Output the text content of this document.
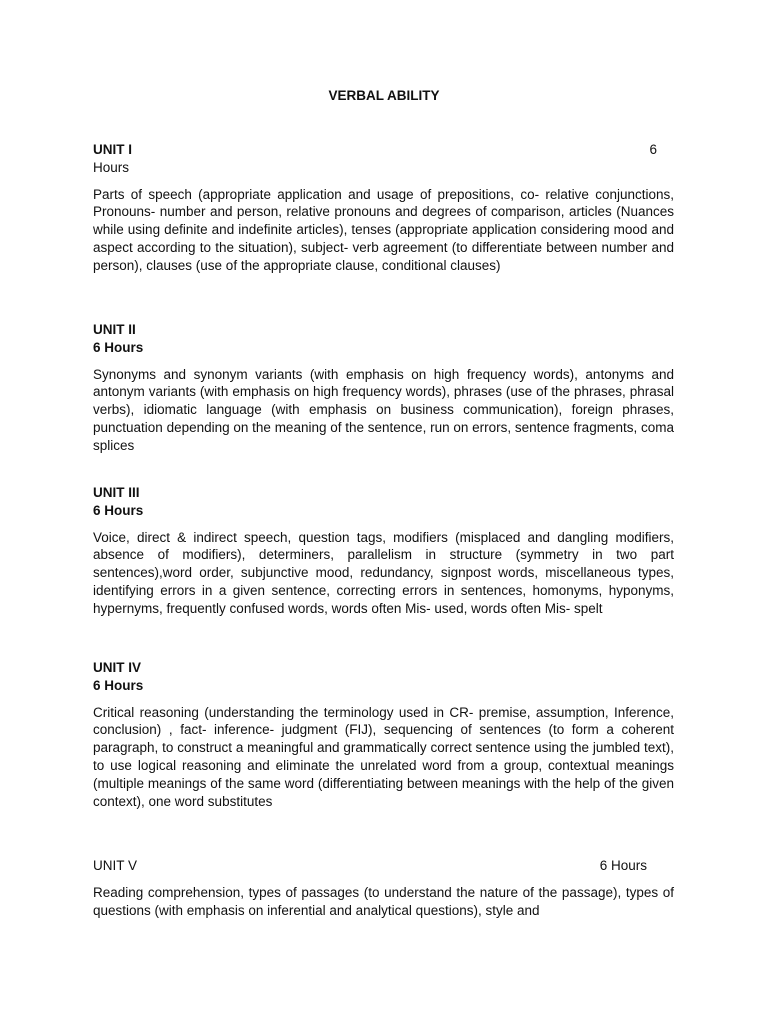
VERBAL ABILITY
UNIT I	6
Hours

Parts of speech (appropriate application and usage of prepositions, co- relative conjunctions, Pronouns- number and person, relative pronouns and degrees of comparison, articles (Nuances while using definite and indefinite articles), tenses (appropriate application considering mood and aspect according to the situation), subject- verb agreement (to differentiate between number and person), clauses (use of the appropriate clause, conditional clauses)

UNIT II
6 Hours

Synonyms and synonym variants (with emphasis on high frequency words), antonyms and antonym variants (with emphasis on high frequency words), phrases (use of the phrases, phrasal verbs), idiomatic language (with emphasis on business communication), foreign phrases, punctuation depending on the meaning of the sentence, run on errors, sentence fragments, coma splices

UNIT III
6 Hours

Voice, direct & indirect speech, question tags, modifiers (misplaced and dangling modifiers, absence of modifiers), determiners, parallelism in structure (symmetry in two part sentences),word order, subjunctive mood, redundancy, signpost words, miscellaneous types, identifying errors in a given sentence, correcting errors in sentences, homonyms, hyponyms, hypernyms, frequently confused words, words often Mis- used, words often Mis- spelt

UNIT IV
6 Hours

Critical reasoning (understanding the terminology used in CR- premise, assumption, Inference, conclusion) , fact- inference- judgment (FIJ), sequencing of sentences (to form a coherent paragraph, to construct a meaningful and grammatically correct sentence using the jumbled text), to use logical reasoning and eliminate the unrelated word from a group, contextual meanings (multiple meanings of the same word (differentiating between meanings with the help of the given context), one word substitutes

UNIT V	6 Hours

Reading comprehension, types of passages (to understand the nature of the passage), types of questions (with emphasis on inferential and analytical questions), style and
